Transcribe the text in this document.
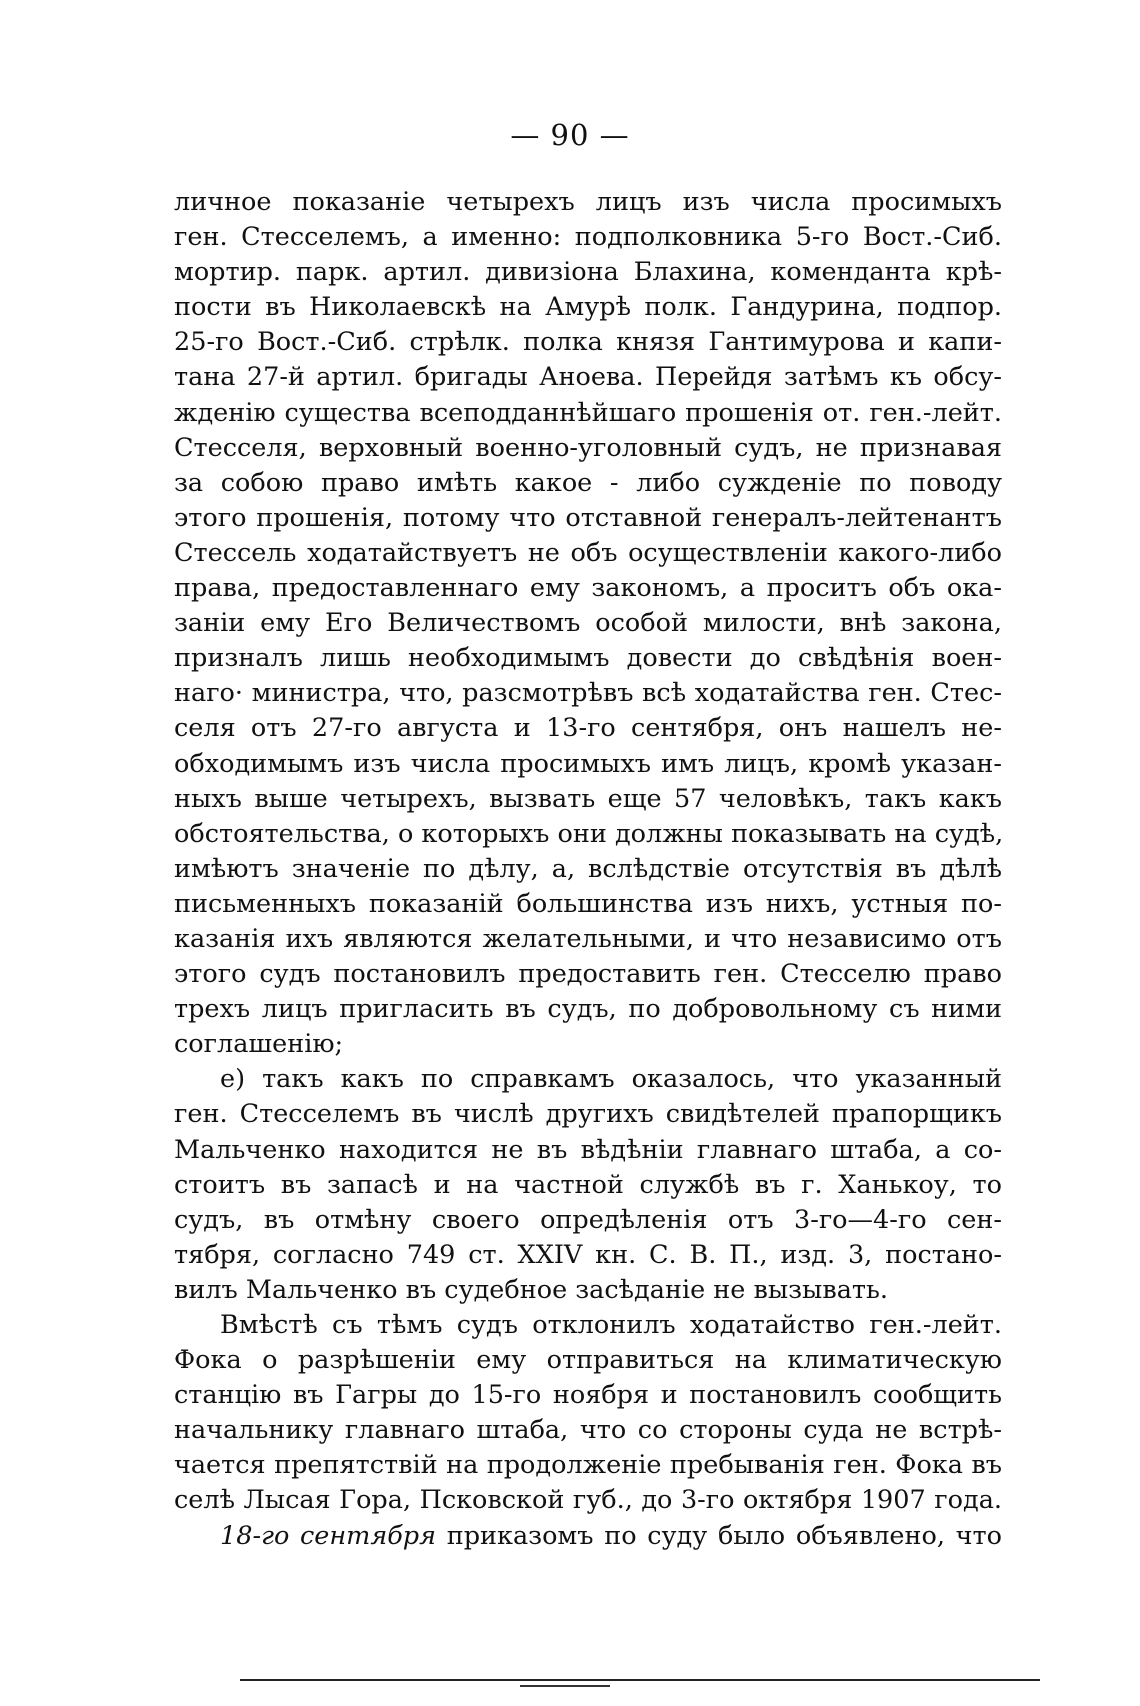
— 90 —
личное показаніе четырехъ лицъ изъ числа просимыхъ
ген. Стесселемъ, а именно: подполковника 5-го Вост.-Сиб.
мортир. парк. артил. дивизіона Блахина, коменданта крѣ-
пости въ Николаевскѣ на Амурѣ полк. Гандурина, подпор.
25-го Вост.-Сиб. стрѣлк. полка князя Гантимурова и капи-
тана 27-й артил. бригады Аноева. Перейдя затѣмъ къ обсу-
жденію существа всеподданнѣйшаго прошенія от. ген.-лейт.
Стесселя, верховный военно-уголовный судъ, не признавая
за собою право имѣть какое - либо сужденіе по поводу
этого прошенія, потому что отставной генералъ-лейтенантъ
Стессель ходатайствуетъ не объ осуществленіи какого-либо
права, предоставленнаго ему закономъ, а проситъ объ ока-
заніи ему Его Величествомъ особой милости, внѣ закона,
призналъ лишь необходимымъ довести до свѣдѣнія воен-
наго· министра, что, разсмотрѣвъ всѣ ходатайства ген. Стес-
селя отъ 27-го августа и 13-го сентября, онъ нашелъ не-
обходимымъ изъ числа просимыхъ имъ лицъ, кромѣ указан-
ныхъ выше четырехъ, вызвать еще 57 человѣкъ, такъ какъ
обстоятельства, о которыхъ они должны показывать на судѣ,
имѣютъ значеніе по дѣлу, а, вслѣдствіе отсутствія въ дѣлѣ
письменныхъ показаній большинства изъ нихъ, устныя по-
казанія ихъ являются желательными, и что независимо отъ
этого судъ постановилъ предоставить ген. Стесселю право
трехъ лицъ пригласить въ судъ, по добровольному съ ними
соглашенію;
е) такъ какъ по справкамъ оказалось, что указанный
ген. Стесселемъ въ числѣ другихъ свидѣтелей прапорщикъ
Мальченко находится не въ вѣдѣніи главнаго штаба, а со-
стоитъ въ запасѣ и на частной службѣ въ г. Ханькоу, то
судъ, въ отмѣну своего опредѣленія отъ 3-го—4-го сен-
тября, согласно 749 ст. XXIV кн. С. В. П., изд. 3, постано-
вилъ Мальченко въ судебное засѣданіе не вызывать.
Вмѣстѣ съ тѣмъ судъ отклонилъ ходатайство ген.-лейт.
Фока о разрѣшеніи ему отправиться на климатическую
станцію въ Гагры до 15-го ноября и постановилъ сообщить
начальнику главнаго штаба, что со стороны суда не встрѣ-
чается препятствій на продолженіе пребыванія ген. Фока въ
селѣ Лысая Гора, Псковской губ., до 3-го октября 1907 года.
18-го сентября приказомъ по суду было объявлено, что
